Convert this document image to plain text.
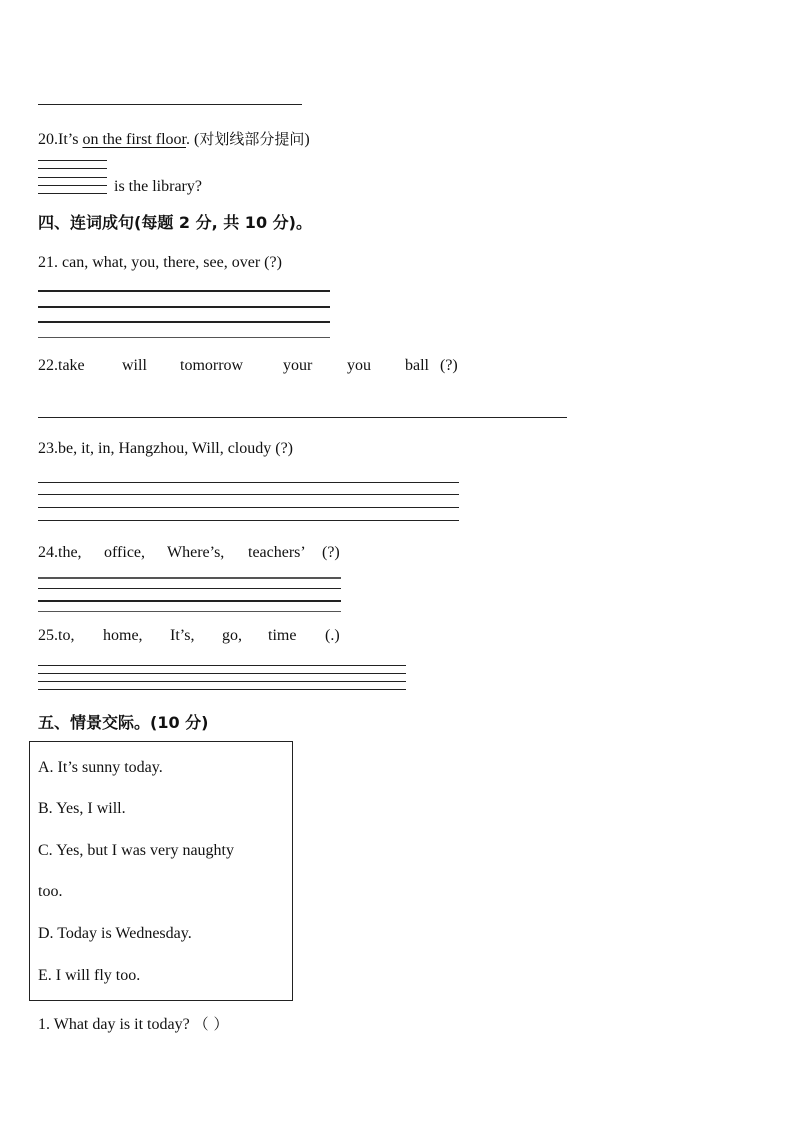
20.It’s on the first floor. (对划线部分提问)
is the library?
四、连词成句(每题 2 分, 共 10 分)。
21. can, what, you, there, see, over (?)
22.take will tomorrow your you ball (?)
23.be, it, in, Hangzhou, Will, cloudy (?)
24.the, office, Where’s, teachers’ (?)
25.to, home, It’s, go, time (.)
五、情景交际。(10 分)
A. It’s sunny today.
B. Yes, I will.
C. Yes, but I was very naughty
too.
D. Today is Wednesday.
E. I will fly too.
1. What day is it today? （ ）
